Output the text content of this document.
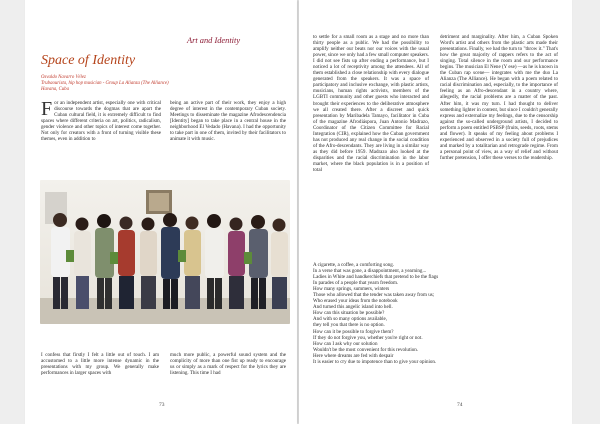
Art and Identity
Space of Identity
Osvaldo Navarro Vélez
Trubaourista, hip hop musician - Group La Alianza (The Alliance)
Havana, Cuba
F or an independent artist, especially one with critical discourse towards the dogmas that are apart the Cuban cultural field, it is extremely difficult to find spaces where different criteria on art, politics, radicalism, gender violence and other topics of interest come together. Not only for creators with a front of turning visible these themes, even in addition to

being an active part of their work, they enjoy a high degree of interest in the contemporary Cuban society. Meetings to disseminate the magazine Afrodescendencia [Identity] began to take place in a central house in the neighborhood El Vedado (Havana). I had the opportunity to take part in one of them, invited by their facilitators to animate it with music.

I confess that firstly I felt a little out of touch. I am accustomed to a little more intense dynamic in the presentations with my group. We generally make performances in larger spaces with

much more public, a powerful sound system and the complicity of more than one fist up ready to encourage us or simply as a mark of respect for the lyrics they are listening. This time I had

73

to settle for a small room as a stage and no more than thirty people as a public. We had the possibility to amplify neither our beats nor our voices with the usual power, since we only had a few small computer speakers. I did not see fists up after ending a performance, but I noticed a lot of receptivity among the attendees. All of them established a close relationship with every dialogue generated from the speakers. It was a space of participatory and inclusive exchange, with plastic artists, musicians, human rights activists, members of the LGBTI community and other guests who interacted and brought their experiences to the deliberative atmosphere we all created there. After a discreet and quick presentation by Maribadela Tamayo, facilitator in Cuba of the magazine Afrodiáspora, Juan Antonio Madrazo, Coordinator of the Citizen Committee for Racial Integration (CIR), explained how the Cuban government has not produced any real change in the social condition of the Afro-descendants. They are living in a similar way as they did before 1959. Madrazo also looked at the disparities and the racial discrimination in the labor market, where the black population is in a position of total

detriment and marginality. After him, a Cuban Spoken Word's artist and others from the plastic arts made their presentations. Finally, we had the turn to "throw it." That's how the great majority of rappers refers to the act of singing. Total silence in the room and our performance begins. The musician El Nene (Y ese) —as he is known in the Cuban rap scene— integrates with me the duo La Alianza (The Alliance). He began with a poem related to racial discrimination and, especially, to the importance of feeling as an Afro-descendant in a country where, allegedly, the racial problems are a matter of the past. After him, it was my turn. I had thought to deliver something lighter in content, but since I couldn't generally express and externalize my feelings, due to the censorship against the so-called underground artists, I decided to perform a poem entitled PSBSP (fruits, seeds, roots, stems and flower). It speaks of my feeling about problems I experienced and observed in a society full of prejudices and marked by a totalitarian and retrograde regime. From a personal point of view, as a way of relief and without further pretension, I offer these verses to the readership.

A cigarette, a coffee, a comforting song.
In a verse that was gone, a disappointment, a yearning...
Ladies in White and handkerchiefs that pretend to be the flags
In parades of a people that yearn freedom.
How many springs, summers, winters
Those who allowed that the tender was taken away from us;
Who erased your ideas from the notebook
And turned this angelic island into hell.
How can this situation be possible?
And with so many options available,
they tell you that there is no option.
How can it be possible to forgive them?
If they do not forgive you, whether you're right or not.
How can I ask why our solution
Wouldn't be the most convenient for this revolution.
Here where dreams are fed with despair
It is easier to cry due to impotence than to give your opinion.
74
